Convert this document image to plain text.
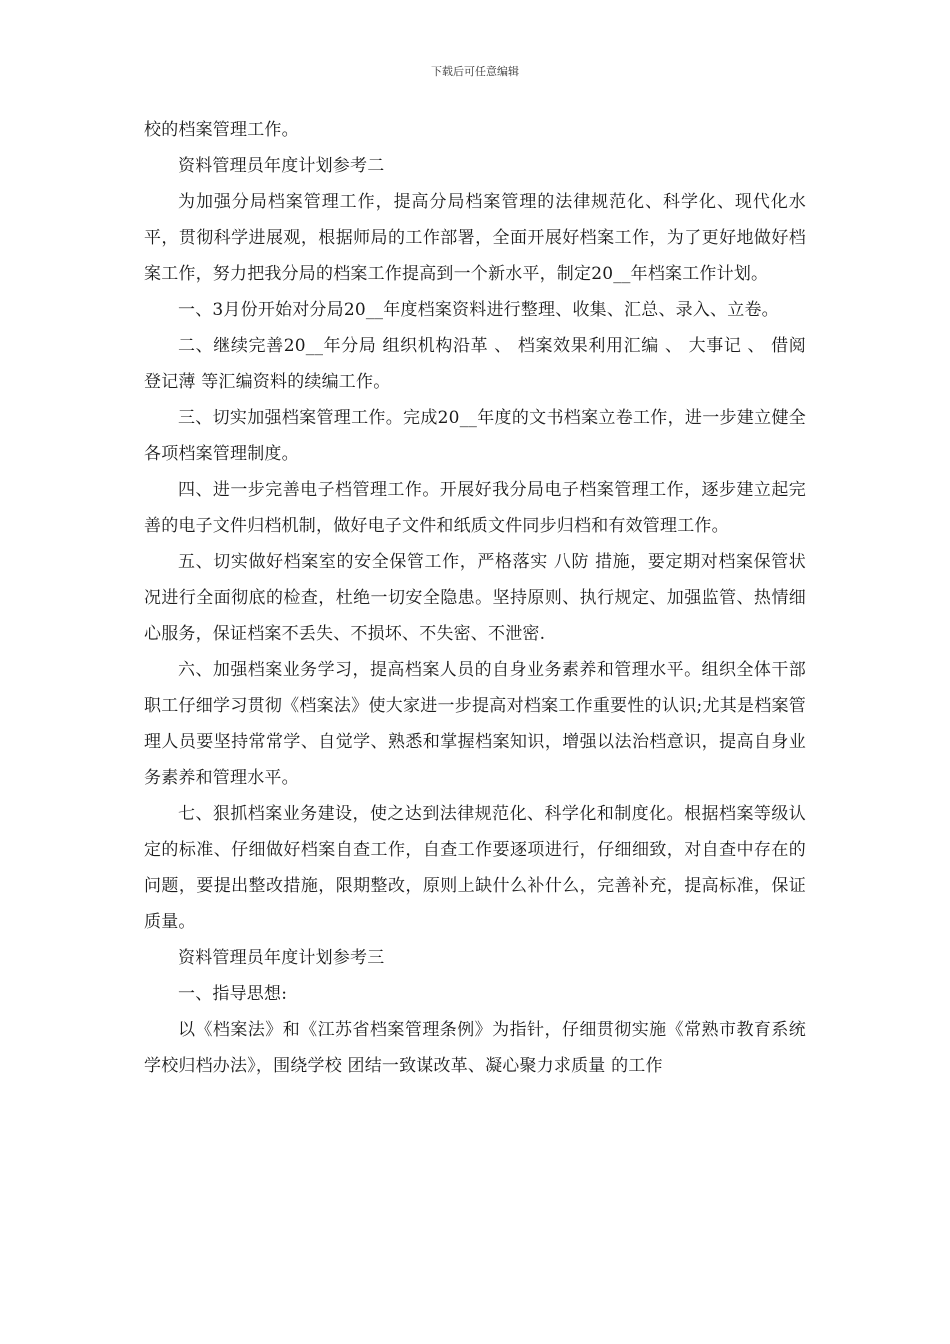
下载后可任意编辑

校的档案管理工作。

资料管理员年度计划参考二

为加强分局档案管理工作，提高分局档案管理的法律规范化、科学化、现代化水平，贯彻科学进展观，根据师局的工作部署，全面开展好档案工作，为了更好地做好档案工作，努力把我分局的档案工作提高到一个新水平，制定20__年档案工作计划。

一、3月份开始对分局20__年度档案资料进行整理、收集、汇总、录入、立卷。

二、继续完善20__年分局 组织机构沿革 、 档案效果利用汇编 、 大事记 、 借阅登记薄 等汇编资料的续编工作。

三、切实加强档案管理工作。完成20__年度的文书档案立卷工作，进一步建立健全各项档案管理制度。

四、进一步完善电子档管理工作。开展好我分局电子档案管理工作，逐步建立起完善的电子文件归档机制，做好电子文件和纸质文件同步归档和有效管理工作。

五、切实做好档案室的安全保管工作，严格落实 八防 措施，要定期对档案保管状况进行全面彻底的检查，杜绝一切安全隐患。坚持原则、执行规定、加强监管、热情细心服务，保证档案不丢失、不损坏、不失密、不泄密.

六、加强档案业务学习，提高档案人员的自身业务素养和管理水平。组织全体干部职工仔细学习贯彻《档案法》使大家进一步提高对档案工作重要性的认识;尤其是档案管理人员要坚持常常学、自觉学、熟悉和掌握档案知识，增强以法治档意识，提高自身业务素养和管理水平。

七、狠抓档案业务建设，使之达到法律规范化、科学化和制度化。根据档案等级认定的标准、仔细做好档案自查工作，自查工作要逐项进行，仔细细致，对自查中存在的问题，要提出整改措施，限期整改，原则上缺什么补什么，完善补充，提高标准，保证质量。

资料管理员年度计划参考三

一、指导思想:

以《档案法》和《江苏省档案管理条例》为指针，仔细贯彻实施《常熟市教育系统学校归档办法》，围绕学校 团结一致谋改革、凝心聚力求质量 的工作
